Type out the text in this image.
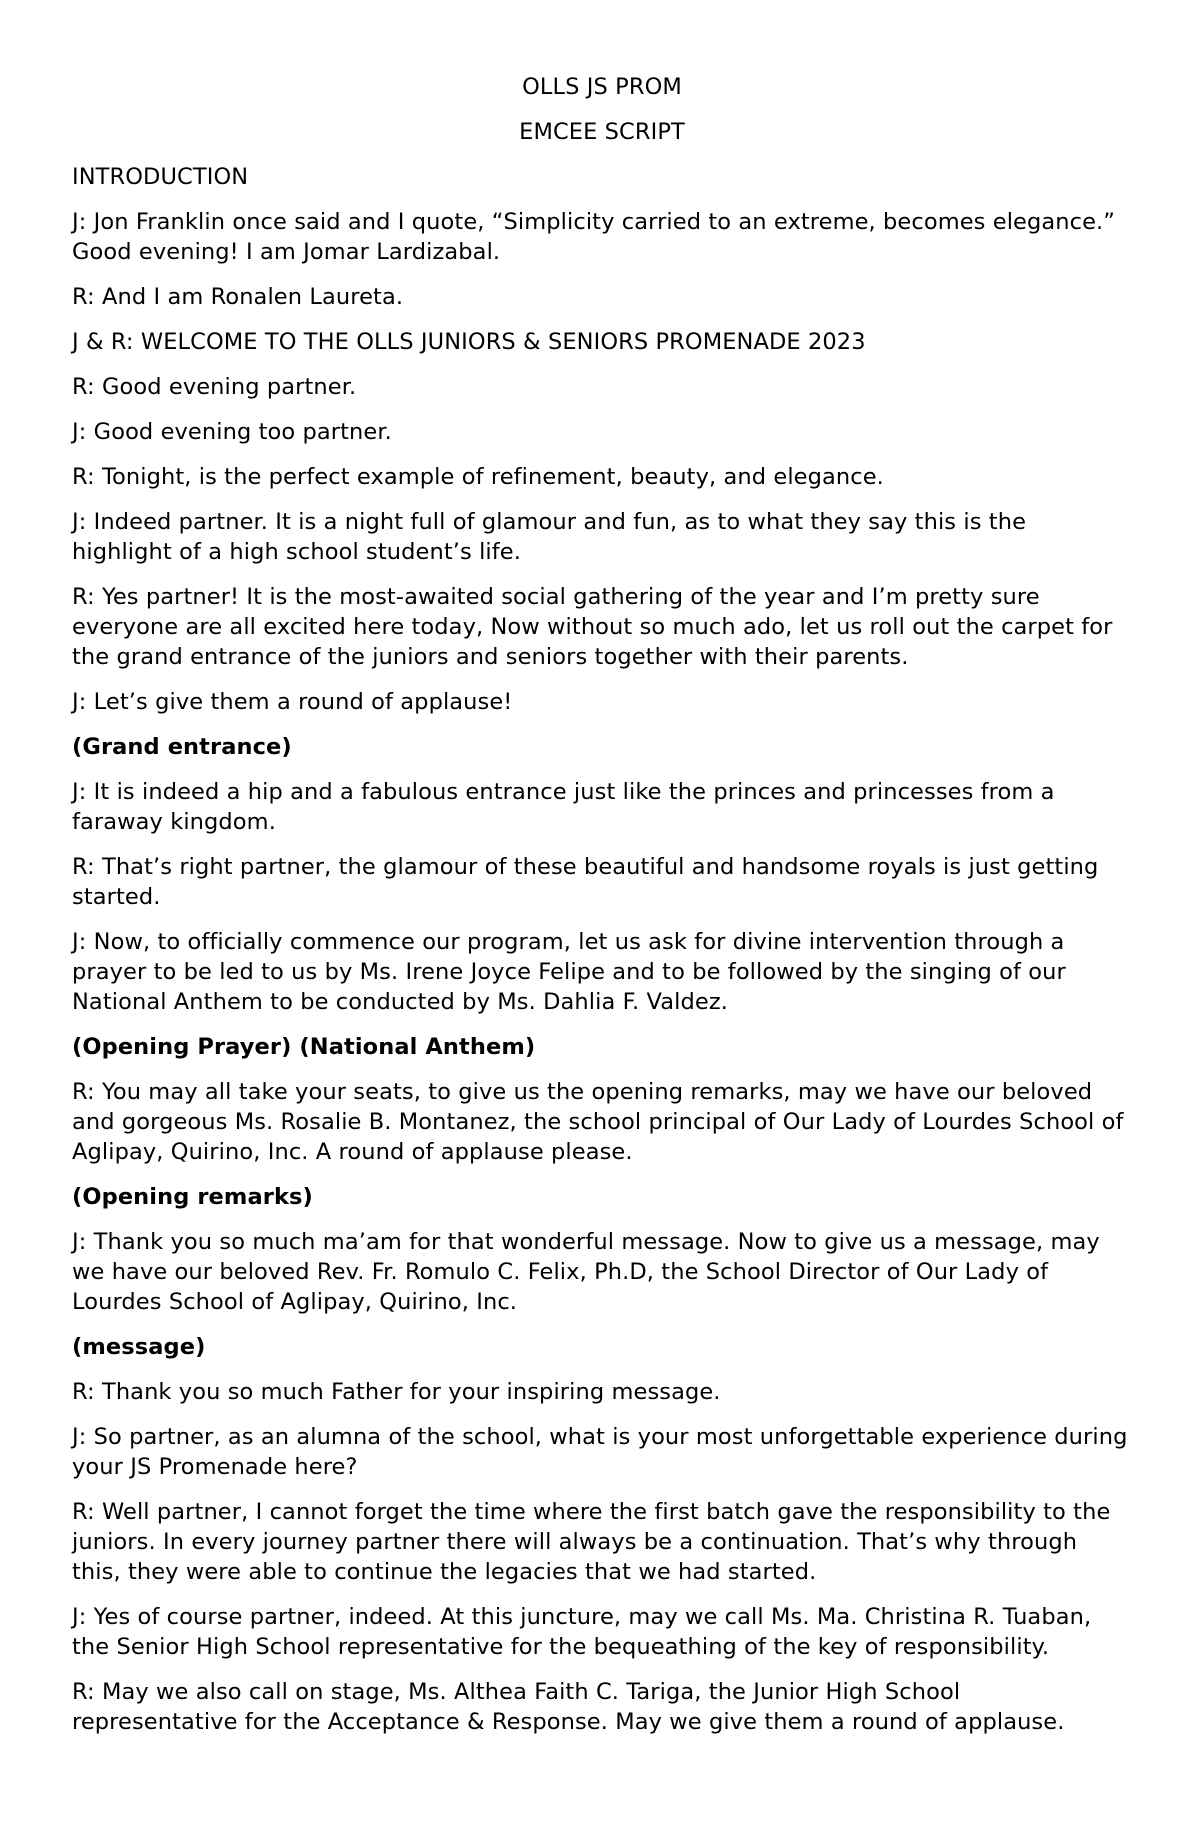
OLLS JS PROM

EMCEE SCRIPT

INTRODUCTION

J: Jon Franklin once said and I quote, “Simplicity carried to an extreme, becomes elegance.” Good evening! I am Jomar Lardizabal.

R: And I am Ronalen Laureta.

J & R: WELCOME TO THE OLLS JUNIORS & SENIORS PROMENADE 2023

R: Good evening partner.

J: Good evening too partner.

R: Tonight, is the perfect example of refinement, beauty, and elegance.

J: Indeed partner. It is a night full of glamour and fun, as to what they say this is the highlight of a high school student’s life.

R: Yes partner! It is the most-awaited social gathering of the year and I’m pretty sure everyone are all excited here today, Now without so much ado, let us roll out the carpet for the grand entrance of the juniors and seniors together with their parents.

J: Let’s give them a round of applause!

(Grand entrance)

J: It is indeed a hip and a fabulous entrance just like the princes and princesses from a faraway kingdom.

R: That’s right partner, the glamour of these beautiful and handsome royals is just getting started.

J: Now, to officially commence our program, let us ask for divine intervention through a prayer to be led to us by Ms. Irene Joyce Felipe and to be followed by the singing of our National Anthem to be conducted by Ms. Dahlia F. Valdez.

(Opening Prayer) (National Anthem)

R: You may all take your seats, to give us the opening remarks, may we have our beloved and gorgeous Ms. Rosalie B. Montanez, the school principal of Our Lady of Lourdes School of Aglipay, Quirino, Inc. A round of applause please.

(Opening remarks)

J: Thank you so much ma’am for that wonderful message. Now to give us a message, may we have our beloved Rev. Fr. Romulo C. Felix, Ph.D, the School Director of Our Lady of Lourdes School of Aglipay, Quirino, Inc.

(message)

R: Thank you so much Father for your inspiring message.

J: So partner, as an alumna of the school, what is your most unforgettable experience during your JS Promenade here?

R: Well partner, I cannot forget the time where the first batch gave the responsibility to the juniors. In every journey partner there will always be a continuation. That’s why through this, they were able to continue the legacies that we had started.

J: Yes of course partner, indeed. At this juncture, may we call Ms. Ma. Christina R. Tuaban, the Senior High School representative for the bequeathing of the key of responsibility.

R: May we also call on stage, Ms. Althea Faith C. Tariga, the Junior High School representative for the Acceptance & Response. May we give them a round of applause.
